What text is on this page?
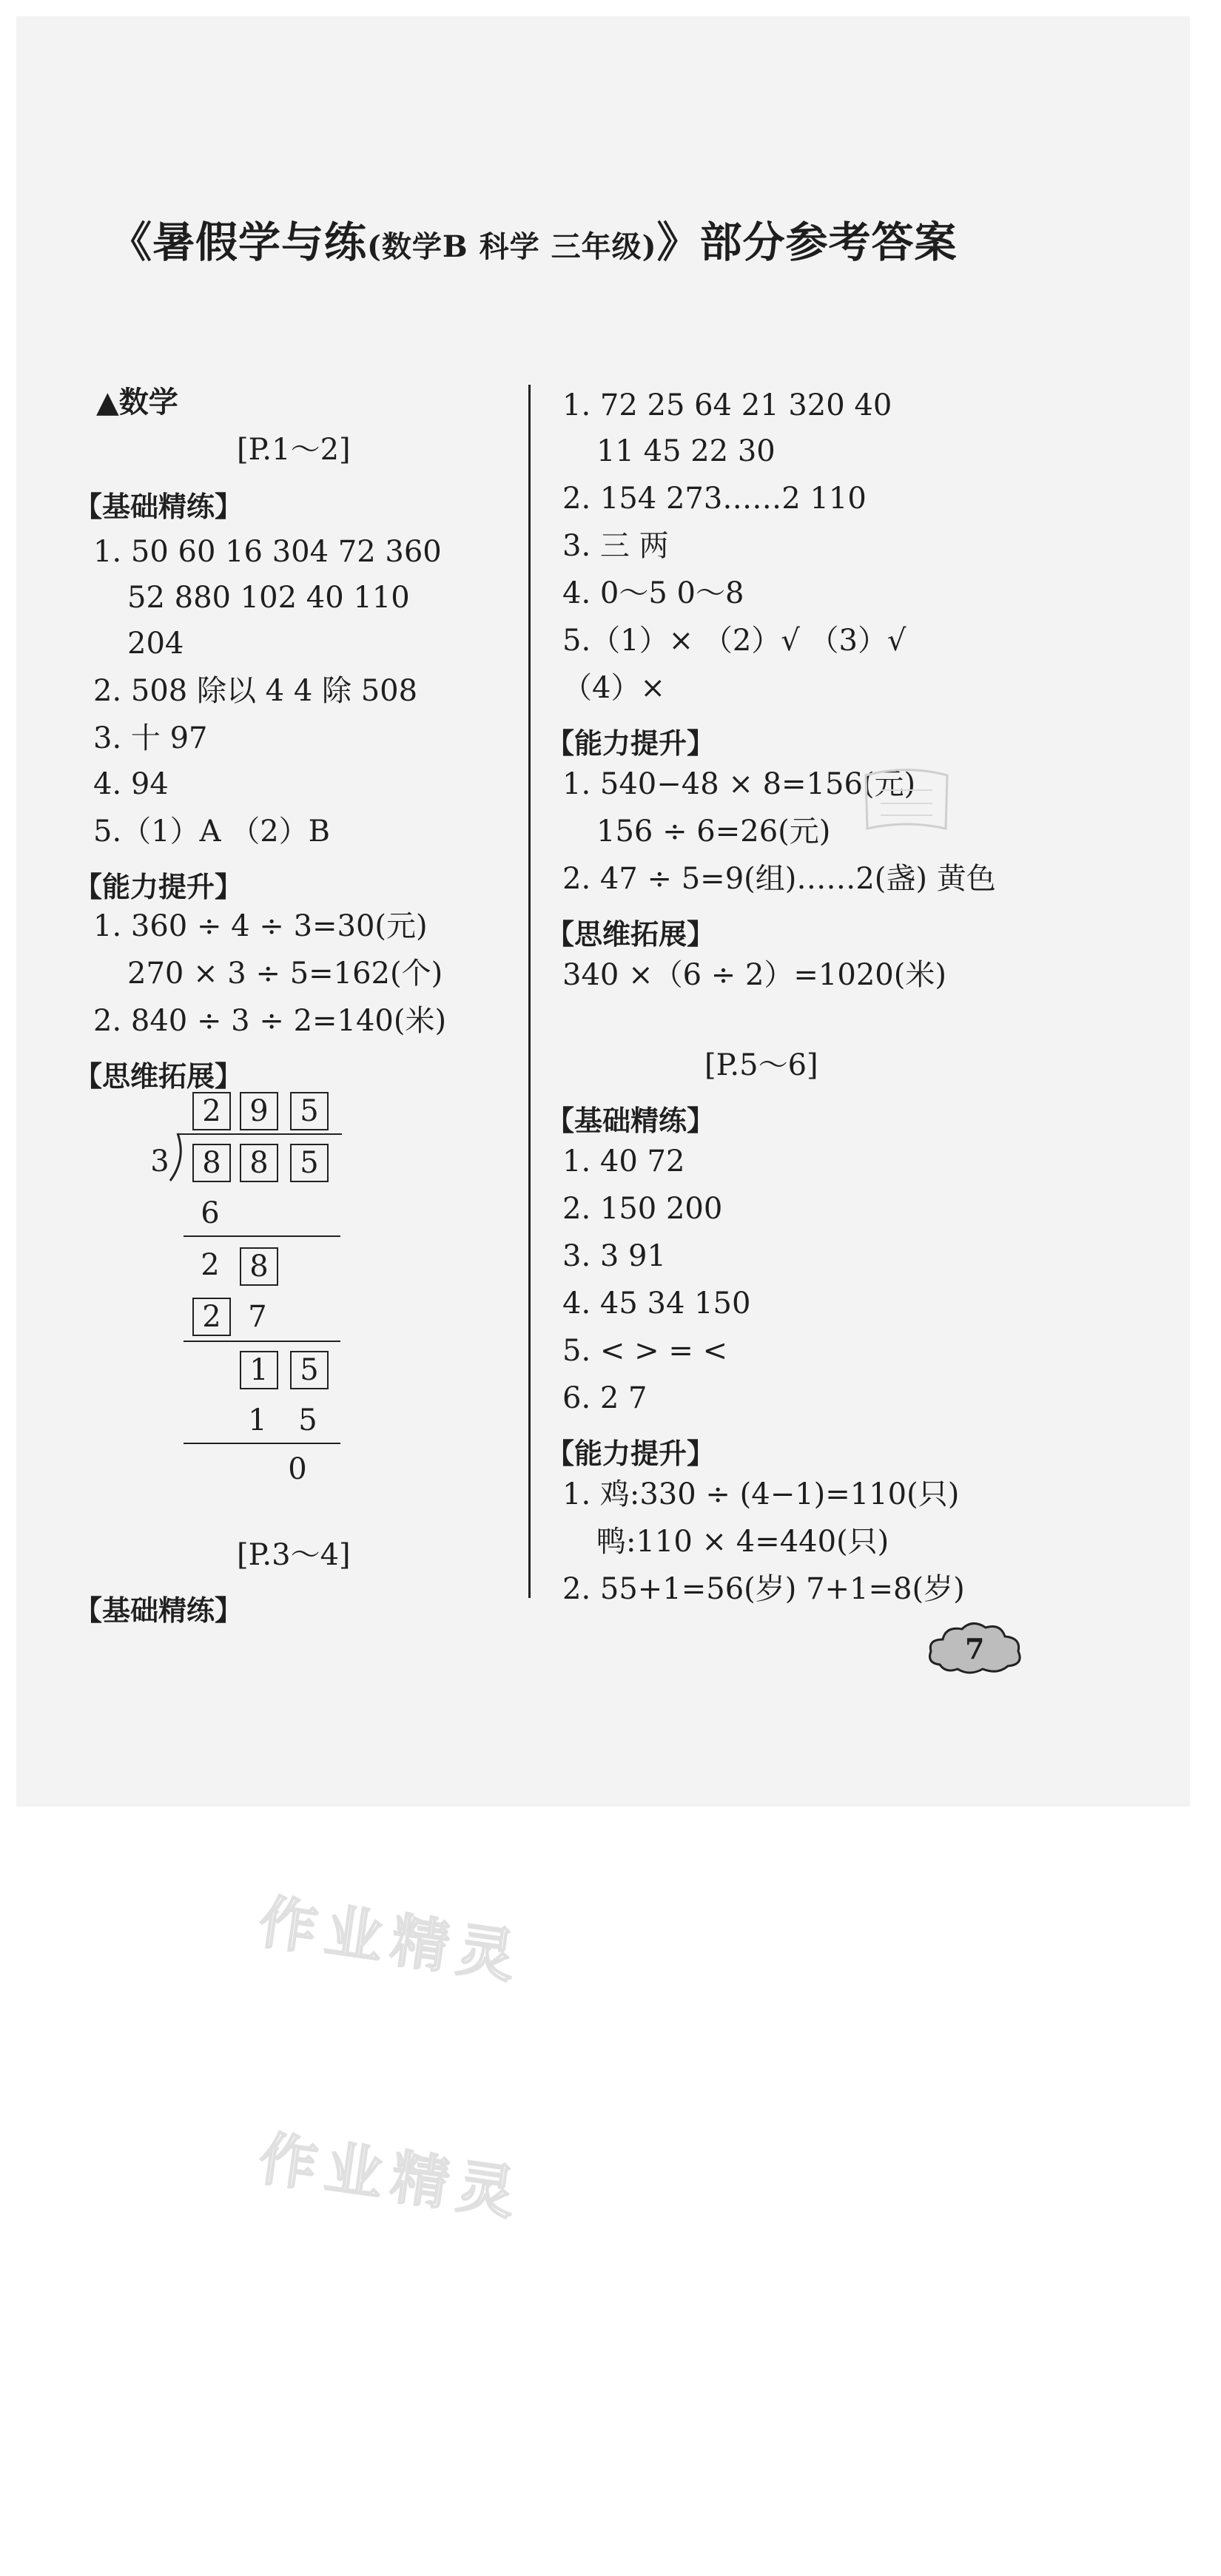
《暑假学与练(数学B 科学 三年级)》部分参考答案
▲数学
[P.1～2]
【基础精练】
1. 50 60 16 304 72 360
52 880 102 40 110
204
2. 508 除以 4 4 除 508
3. 十 97
4. 94
5.（1）A （2）B
【能力提升】
1. 360 ÷ 4 ÷ 3=30(元)
270 × 3 ÷ 5=162(个)
2. 840 ÷ 3 ÷ 2=140(米)
【思维拓展】
2 9	5
3	8 8	5
6
2	8
2 7
1	5
1 5
0
[P.3～4]
【基础精练】
1. 72 25 64 21 320 40
11 45 22 30
2. 154 273……2 110
3. 三 两
4. 0～5 0～8
5.（1）× （2）√ （3）√
（4）×
【能力提升】
1. 540−48 × 8=156(元)
156 ÷ 6=26(元)
2. 47 ÷ 5=9(组)……2(盏) 黄色
【思维拓展】
340 ×（6 ÷ 2）=1020(米)
[P.5～6]
【基础精练】
1. 40 72
2. 150 200
3. 3 91
4. 45 34 150
5. < > = <
6. 2 7
【能力提升】
1. 鸡:330 ÷ (4−1)=110(只)
鸭:110 × 4=440(只)
2. 55+1=56(岁) 7+1=8(岁)
7
作业精灵
作业精灵
